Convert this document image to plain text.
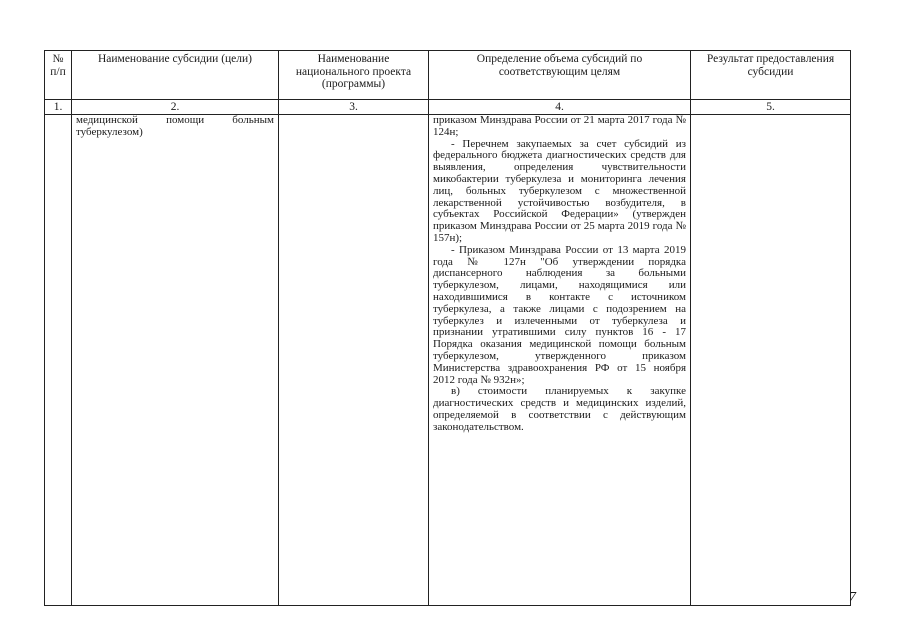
№ п/п	Наименование субсидии (цели)	Наименование национального проекта (программы)	Определение объема субсидий по соответствующим целям	Результат предоставления субсидии
1.	2.	3.	4.	5.
	медицинской помощи больным туберкулезом)		приказом Минздрава России от 21 марта 2017 года № 124н;

- Перечнем закупаемых за счет субсидий из федерального бюджета диагностических средств для выявления, определения чувствительности микобактерии туберкулеза и мониторинга лечения лиц, больных туберкулезом с множественной лекарственной устойчивостью возбудителя, в субъектах Российской Федерации» (утвержден приказом Минздрава России от 25 марта 2019 года № 157н);

- Приказом Минздрава России от 13 марта 2019 года № 127н "Об утверждении порядка диспансерного наблюдения за больными туберкулезом, лицами, находящимися или находившимися в контакте с источником туберкулеза, а также лицами с подозрением на туберкулез и излеченными от туберкулеза и признании утратившими силу пунктов 16 - 17 Порядка оказания медицинской помощи больным туберкулезом, утвержденного приказом Министерства здравоохранения РФ от 15 ноября 2012 года № 932н»;

в) стоимости планируемых к закупке диагностических средств и медицинских изделий, определяемой в соответствии с действующим законодательством.	

7
